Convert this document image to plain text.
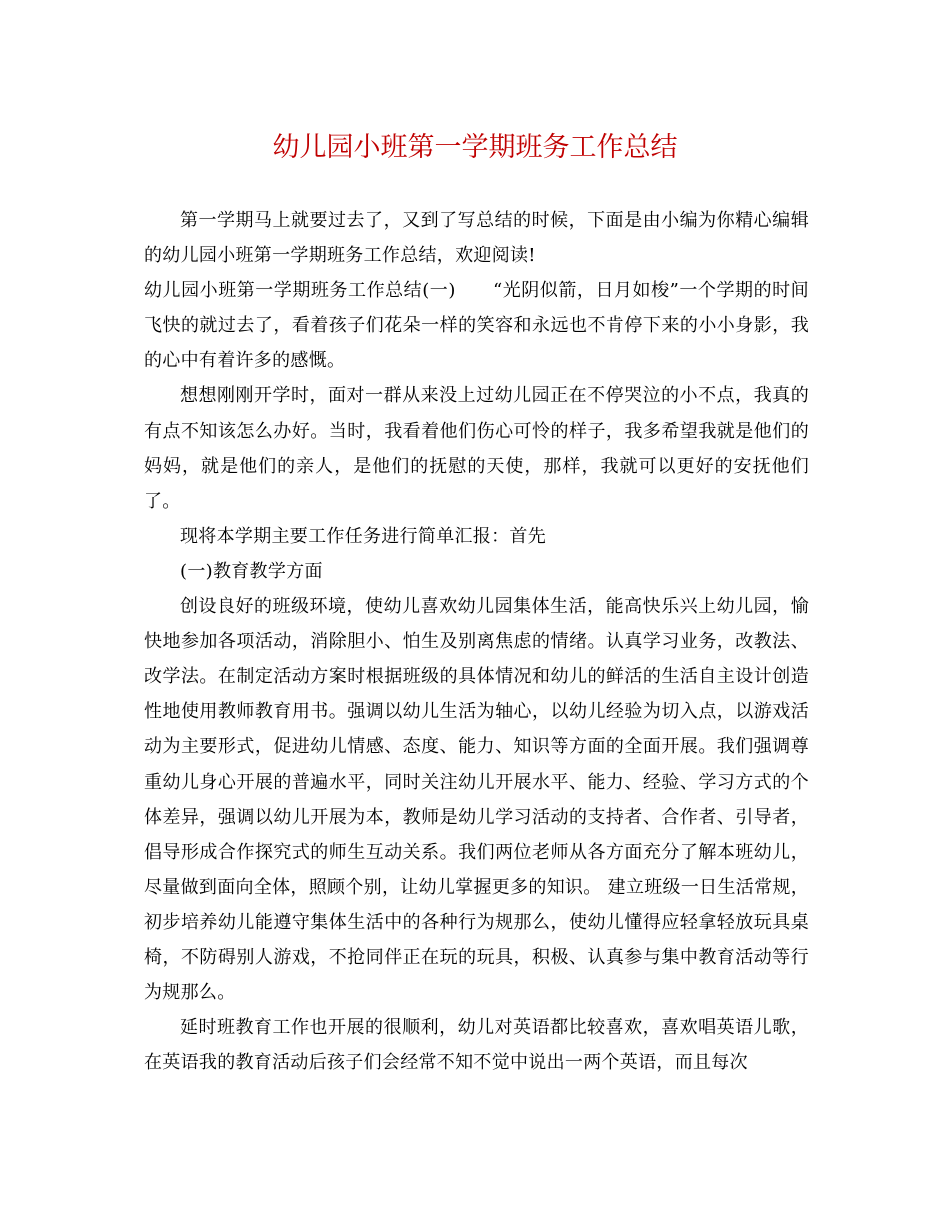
幼儿园小班第一学期班务工作总结

第一学期马上就要过去了，又到了写总结的时候，下面是由小编为你精心编辑的幼儿园小班第一学期班务工作总结，欢迎阅读!

幼儿园小班第一学期班务工作总结(一)　　“光阴似箭，日月如梭”一个学期的时间飞快的就过去了，看着孩子们花朵一样的笑容和永远也不肯停下来的小小身影，我的心中有着许多的感慨。

想想刚刚开学时，面对一群从来没上过幼儿园正在不停哭泣的小不点，我真的有点不知该怎么办好。当时，我看着他们伤心可怜的样子，我多希望我就是他们的妈妈，就是他们的亲人，是他们的抚慰的天使，那样，我就可以更好的安抚他们了。

现将本学期主要工作任务进行简单汇报：首先

(一)教育教学方面

创设良好的班级环境，使幼儿喜欢幼儿园集体生活，能高快乐兴上幼儿园，愉快地参加各项活动，消除胆小、怕生及别离焦虑的情绪。认真学习业务，改教法、改学法。在制定活动方案时根据班级的具体情况和幼儿的鲜活的生活自主设计创造性地使用教师教育用书。强调以幼儿生活为轴心，以幼儿经验为切入点，以游戏活动为主要形式，促进幼儿情感、态度、能力、知识等方面的全面开展。我们强调尊重幼儿身心开展的普遍水平，同时关注幼儿开展水平、能力、经验、学习方式的个体差异，强调以幼儿开展为本，教师是幼儿学习活动的支持者、合作者、引导者，倡导形成合作探究式的师生互动关系。我们两位老师从各方面充分了解本班幼儿，尽量做到面向全体，照顾个别，让幼儿掌握更多的知识。 建立班级一日生活常规，初步培养幼儿能遵守集体生活中的各种行为规那么，使幼儿懂得应轻拿轻放玩具桌椅，不防碍别人游戏，不抢同伴正在玩的玩具，积极、认真参与集中教育活动等行为规那么。

延时班教育工作也开展的很顺利，幼儿对英语都比较喜欢，喜欢唱英语儿歌，在英语我的教育活动后孩子们会经常不知不觉中说出一两个英语，而且每次
